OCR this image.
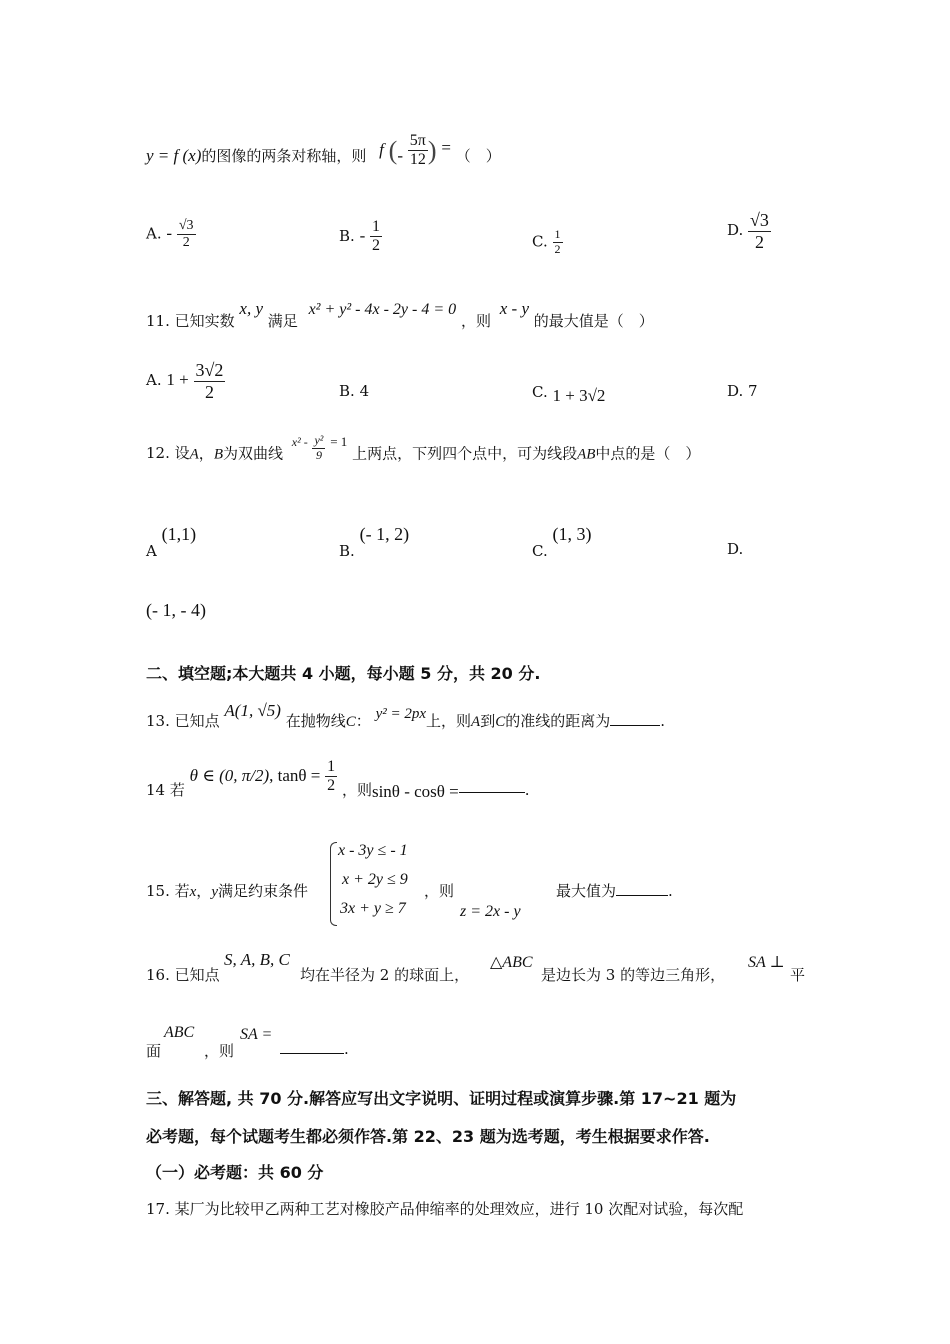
y = f (x)的图像的两条对称轴，则 f (- $\frac{5\pi}{12}$ ) = （　）
A. - $\frac{√3}{2}$	B. - $\frac{1}{2}$	C. $\frac{1}{2}$	D. $\frac{√3}{2}$
11. 已知实数 x, y 满足 x² + y² - 4x - 2y - 4 = 0 ，则 x - y 的最大值是（　）
A. $1 + \frac{3√2}{2}$	B. 4	C. 1 + 3√2	D. 7
12. 设A，B为双曲线 $^{x^2 -} \frac{\text{y²}}{9} = 1$ 上两点，下列四个点中，可为线段AB中点的是（　）
A (1,1)
B. (- 1, 2)
C. (1, 3)
D.
(- 1, - 4)
二、填空题;本大题共 4 小题，每小题 5 分，共 20 分.
13. 已知点 A(1, √5) 在抛物线C： y² = 2px上，则A到C的准线的距离为	.
14 若 θ ∈ (0, π/2), $\tan\theta = \frac{1}{2}$ ，则sinθ - cosθ =	.
15. 若x，y满足约束条件
x - 3y ≤ - 1
x + 2y ≤ 9
3x + y ≥ 7
，则
z = 2x - y
最大值为	.
16. 已知点
S, A, B, C
均在半径为 2 的球面上，
△ABC
是边长为 3 的等边三角形，
SA ⊥
平
面
ABC
，则
SA =
.
三、解答题, 共 70 分.解答应写出文字说明、证明过程或演算步骤.第 17~21 题为
必考题，每个试题考生都必须作答.第 22、23 题为选考题，考生根据要求作答.
（一）必考题：共 60 分
17. 某厂为比较甲乙两种工艺对橡胶产品伸缩率的处理效应，进行 10 次配对试验，每次配
